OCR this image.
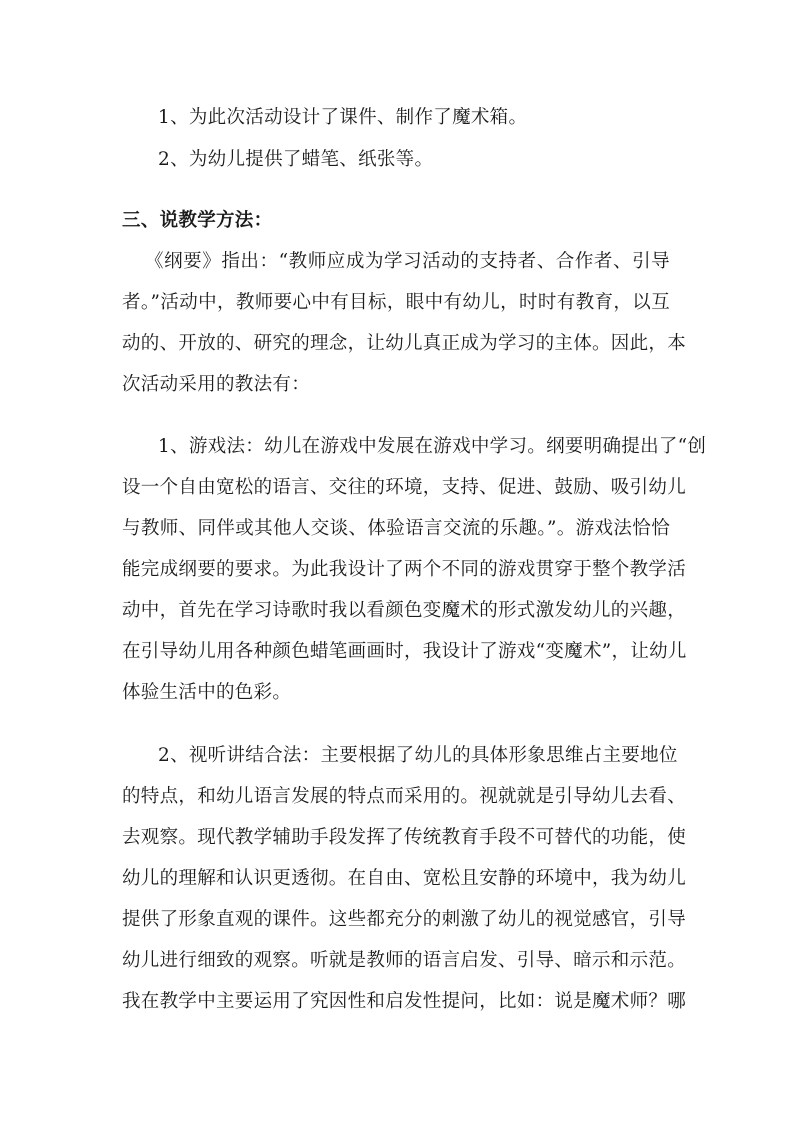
1、为此次活动设计了课件、制作了魔术箱。
2、为幼儿提供了蜡笔、纸张等。
三、说教学方法：
《纲要》指出：“教师应成为学习活动的支持者、合作者、引导
者。”活动中，教师要心中有目标，眼中有幼儿，时时有教育，以互
动的、开放的、研究的理念，让幼儿真正成为学习的主体。因此，本
次活动采用的教法有：
1、游戏法：幼儿在游戏中发展在游戏中学习。纲要明确提出了“创
设一个自由宽松的语言、交往的环境，支持、促进、鼓励、吸引幼儿
与教师、同伴或其他人交谈、体验语言交流的乐趣。”。游戏法恰恰
能完成纲要的要求。为此我设计了两个不同的游戏贯穿于整个教学活
动中，首先在学习诗歌时我以看颜色变魔术的形式激发幼儿的兴趣，
在引导幼儿用各种颜色蜡笔画画时，我设计了游戏“变魔术”，让幼儿
体验生活中的色彩。
2、视听讲结合法：主要根据了幼儿的具体形象思维占主要地位
的特点，和幼儿语言发展的特点而采用的。视就就是引导幼儿去看、
去观察。现代教学辅助手段发挥了传统教育手段不可替代的功能，使
幼儿的理解和认识更透彻。在自由、宽松且安静的环境中，我为幼儿
提供了形象直观的课件。这些都充分的刺激了幼儿的视觉感官，引导
幼儿进行细致的观察。听就是教师的语言启发、引导、暗示和示范。
我在教学中主要运用了究因性和启发性提问，比如：说是魔术师？哪
